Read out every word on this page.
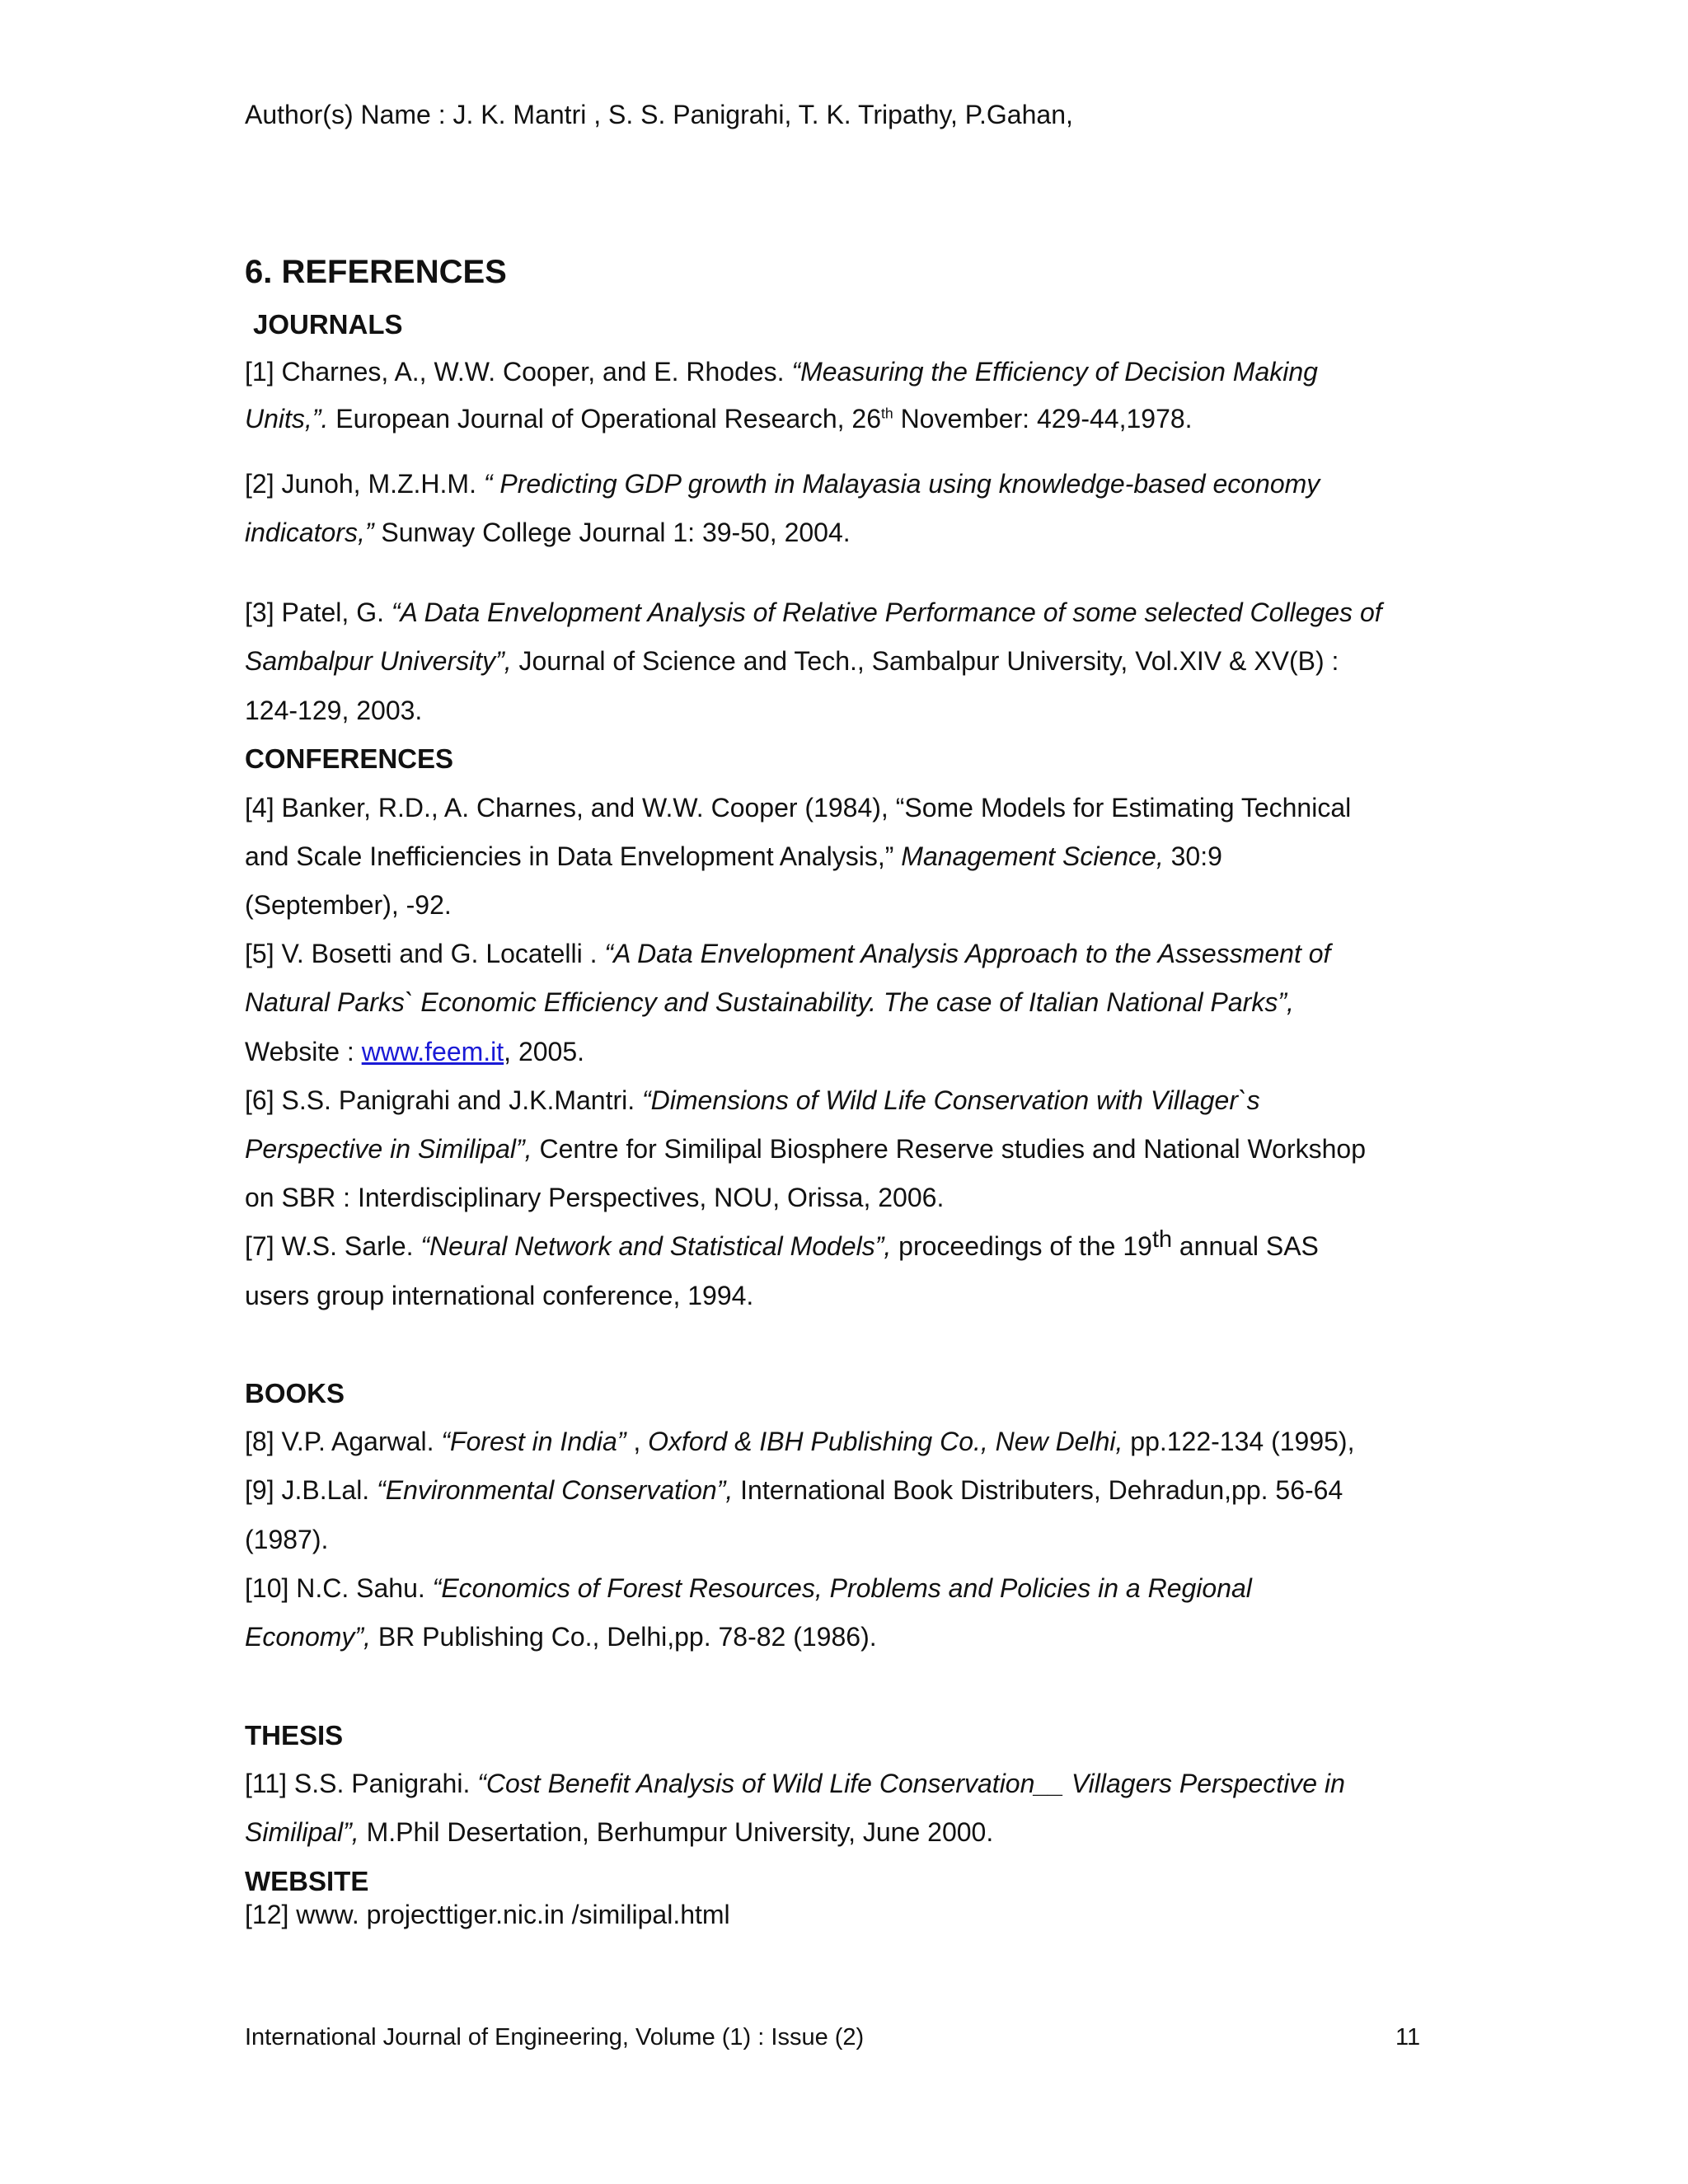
Author(s) Name : J. K. Mantri , S. S. Panigrahi, T. K. Tripathy, P.Gahan,
6. REFERENCES
JOURNALS
[1] Charnes, A., W.W. Cooper, and E. Rhodes. “Measuring the Efficiency of Decision Making
Units,”. European Journal of Operational Research, 26th November: 429-44,1978.
[2] Junoh, M.Z.H.M. “ Predicting GDP growth in Malayasia using knowledge-based economy
indicators,” Sunway College Journal 1: 39-50, 2004.
[3] Patel, G. “A Data Envelopment Analysis of Relative Performance of some selected Colleges of
Sambalpur University”, Journal of Science and Tech., Sambalpur University, Vol.XIV & XV(B) :
124-129, 2003.
CONFERENCES
[4] Banker, R.D., A. Charnes, and W.W. Cooper (1984), “Some Models for Estimating Technical
and Scale Inefficiencies in Data Envelopment Analysis,” Management Science, 30:9
(September), -92.
[5] V. Bosetti and G. Locatelli . “A Data Envelopment Analysis Approach to the Assessment of
Natural Parks` Economic Efficiency and Sustainability. The case of Italian National Parks”,
Website : www.feem.it, 2005.
[6] S.S. Panigrahi and J.K.Mantri. “Dimensions of Wild Life Conservation with Villager`s
Perspective in Similipal”, Centre for Similipal Biosphere Reserve studies and National Workshop
on SBR : Interdisciplinary Perspectives, NOU, Orissa, 2006.
[7] W.S. Sarle. “Neural Network and Statistical Models”, proceedings of the 19th annual SAS
users group international conference, 1994.
BOOKS
[8] V.P. Agarwal. “Forest in India” , Oxford & IBH Publishing Co., New Delhi, pp.122-134 (1995),
[9] J.B.Lal. “Environmental Conservation”, International Book Distributers, Dehradun,pp. 56-64
(1987).
[10] N.C. Sahu. “Economics of Forest Resources, Problems and Policies in a Regional
Economy”, BR Publishing Co., Delhi,pp. 78-82 (1986).
THESIS
[11] S.S. Panigrahi. “Cost Benefit Analysis of Wild Life Conservation__ Villagers Perspective in
Similipal”, M.Phil Desertation, Berhumpur University, June 2000.
WEBSITE
[12] www. projecttiger.nic.in /similipal.html
International Journal of Engineering, Volume (1) : Issue (2)	11
